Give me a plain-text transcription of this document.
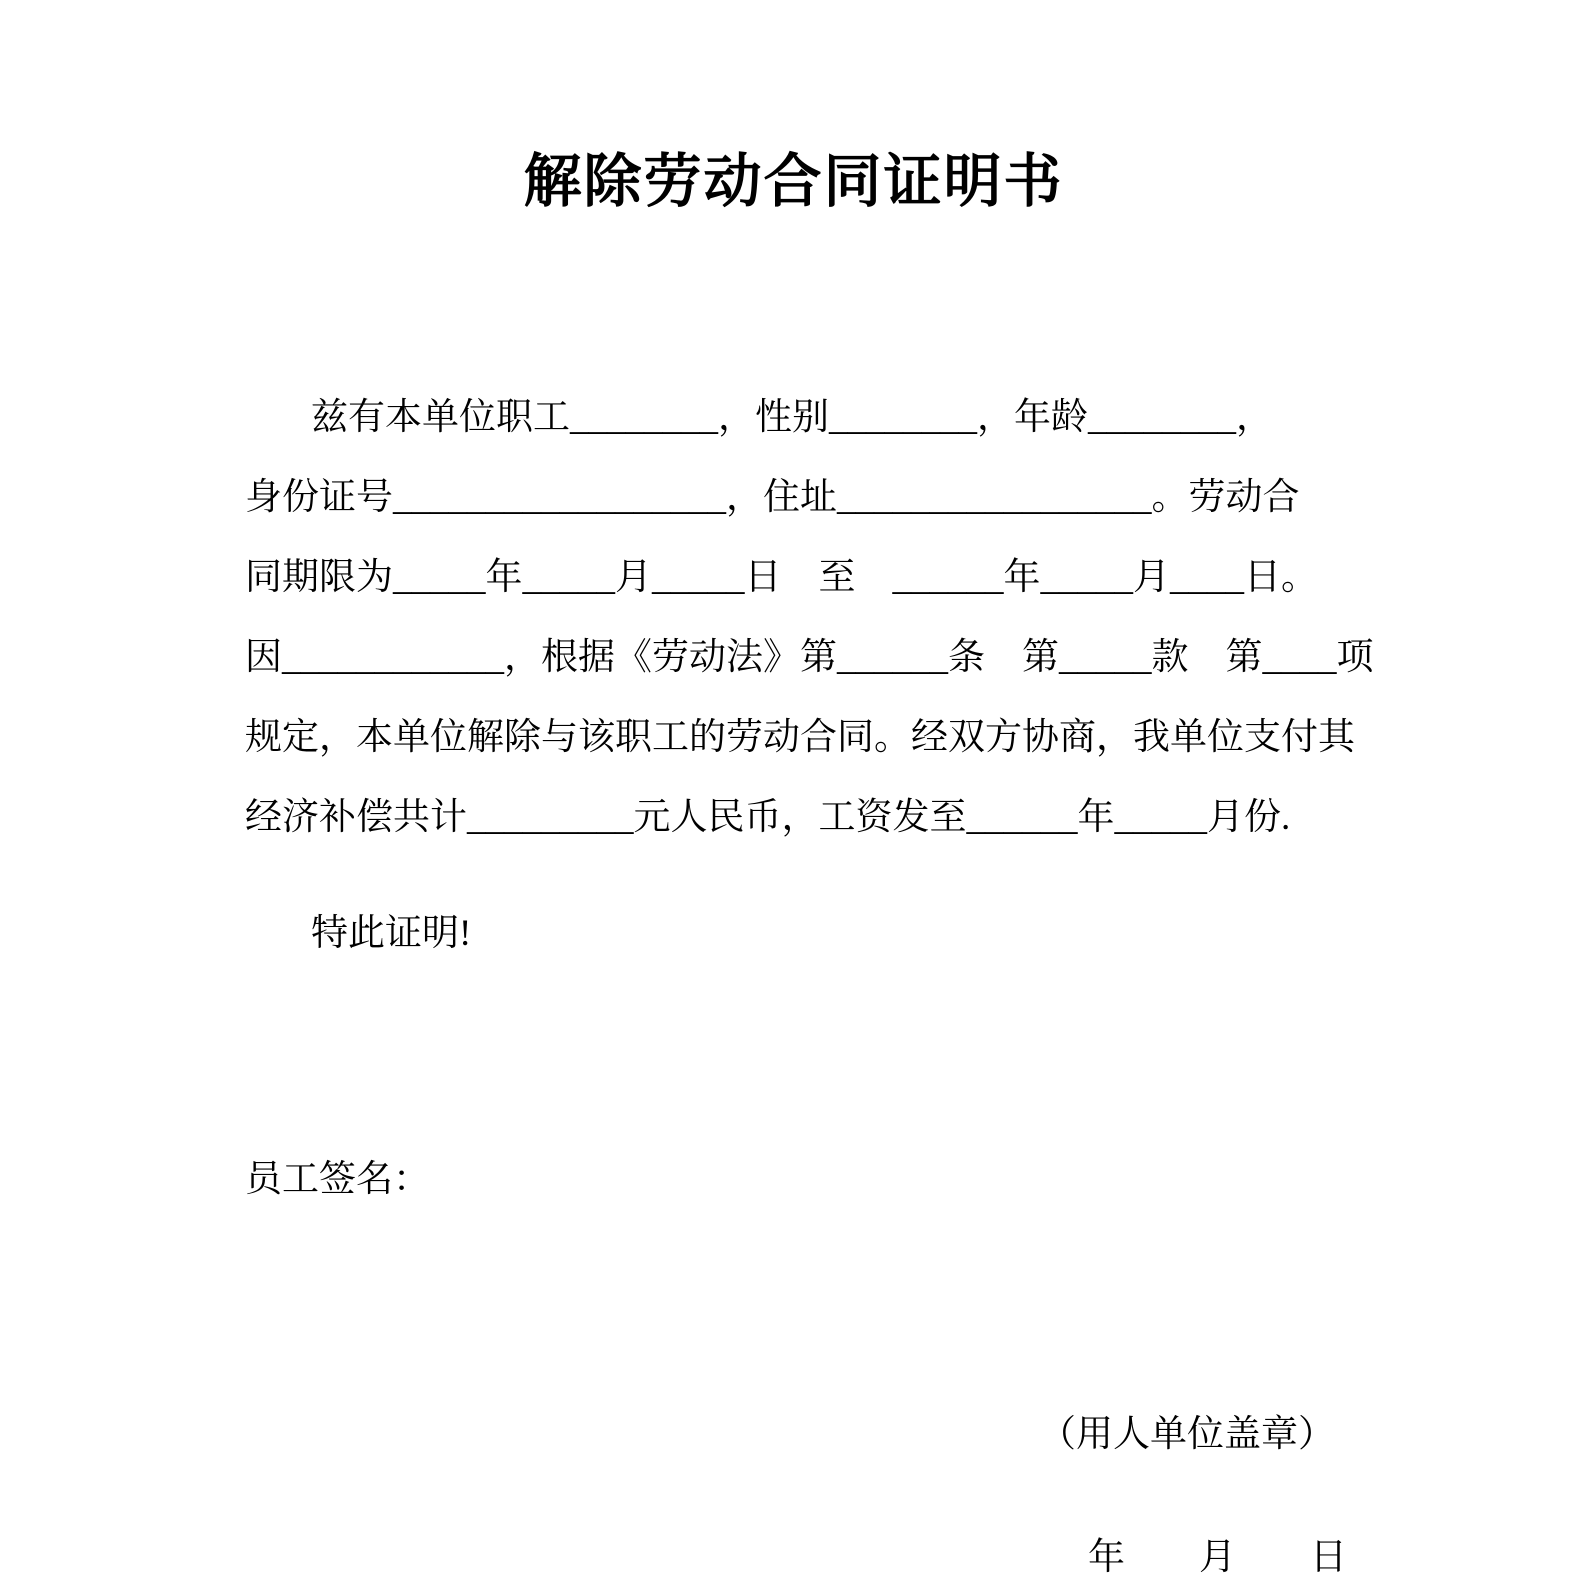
解除劳动合同证明书
兹有本单位职工________，性别________，年龄________，
身份证号__________________，住址_________________。劳动合
同期限为_____年_____月_____日　至　______年_____月____日。
因____________，根据《劳动法》第______条　第_____款　第____项
规定，本单位解除与该职工的劳动合同。经双方协商，我单位支付其
经济补偿共计_________元人民币，工资发至______年_____月份.
特此证明!
员工签名：
（用人单位盖章）
年　　月　　日
